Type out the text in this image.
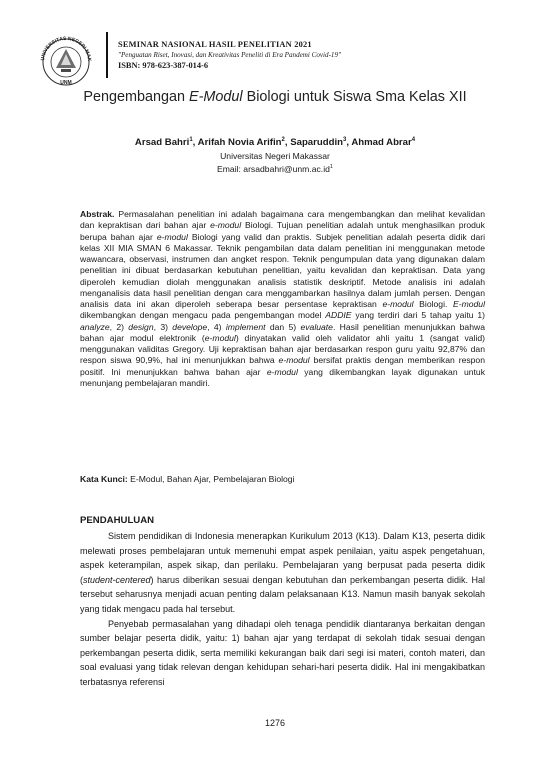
UNIVERSITAS NEGERI MAK
UNM
SEMINAR NASIONAL HASIL PENELITIAN 2021
"Penguatan Riset, Inovasi, dan Kreativitas Peneliti di Era Pandemi Covid-19"
ISBN: 978-623-387-014-6
Pengembangan E-Modul Biologi untuk Siswa Sma Kelas XII
Arsad Bahri$^1$, Arifah Novia Arifin$^2$, Saparuddin$^3$, Ahmad Abrar$^4$
Universitas Negeri Makassar
Email: $arsadbahri@unm.ac.id^1$
Abstrak. Permasalahan penelitian ini adalah bagaimana cara mengembangkan dan melihat kevalidan dan kepraktisan dari bahan ajar e-modul Biologi. Tujuan penelitian adalah untuk menghasilkan produk berupa bahan ajar e-modul Biologi yang valid dan praktis. Subjek penelitian adalah peserta didik dari kelas XII MIA SMAN 6 Makassar. Teknik pengambilan data dalam penelitian ini menggunakan metode wawancara, observasi, instrumen dan angket respon. Teknik pengumpulan data yang digunakan dalam penelitian ini dibuat berdasarkan kebutuhan penelitian, yaitu kevalidan dan kepraktisan. Data yang diperoleh kemudian diolah menggunakan analisis statistik deskriptif. Metode analisis ini adalah menganalisis data hasil penelitian dengan cara menggambarkan hasilnya dalam jumlah persen. Dengan analisis data ini akan diperoleh seberapa besar persentase kepraktisan e-modul Biologi. E-modul dikembangkan dengan mengacu pada pengembangan model ADDIE yang terdiri dari 5 tahap yaitu 1) analyze, 2) design, 3) develope, 4) implement dan 5) evaluate. Hasil penelitian menunjukkan bahwa bahan ajar modul elektronik (e-modul) dinyatakan valid oleh validator ahli yaitu 1 (sangat valid) menggunakan validitas Gregory. Uji kepraktisan bahan ajar berdasarkan respon guru yaitu 92,87% dan respon siswa 90,9%, hal ini menunjukkan bahwa e-modul bersifat praktis dengan memberikan respon positif. Ini menunjukkan bahwa bahan ajar e-modul yang dikembangkan layak digunakan untuk menunjang pembelajaran mandiri.
Kata Kunci: E-Modul, Bahan Ajar, Pembelajaran Biologi
PENDAHULUAN

Sistem pendidikan di Indonesia menerapkan Kurikulum 2013 (K13). Dalam K13, peserta didik melewati proses pembelajaran untuk memenuhi empat aspek penilaian, yaitu aspek pengetahuan, aspek keterampilan, aspek sikap, dan perilaku. Pembelajaran yang berpusat pada peserta didik (student-centered) harus diberikan sesuai dengan kebutuhan dan perkembangan peserta didik. Hal tersebut seharusnya menjadi acuan penting dalam pelaksanaan K13. Namun masih banyak sekolah yang tidak mengacu pada hal tersebut.

Penyebab permasalahan yang dihadapi oleh tenaga pendidik diantaranya berkaitan dengan sumber belajar peserta didik, yaitu: 1) bahan ajar yang terdapat di sekolah tidak sesuai dengan perkembangan peserta didik, serta memiliki kekurangan baik dari segi isi materi, contoh materi, dan soal evaluasi yang tidak relevan dengan kehidupan sehari-hari peserta didik. Hal ini mengakibatkan terbatasnya referensi

1276
